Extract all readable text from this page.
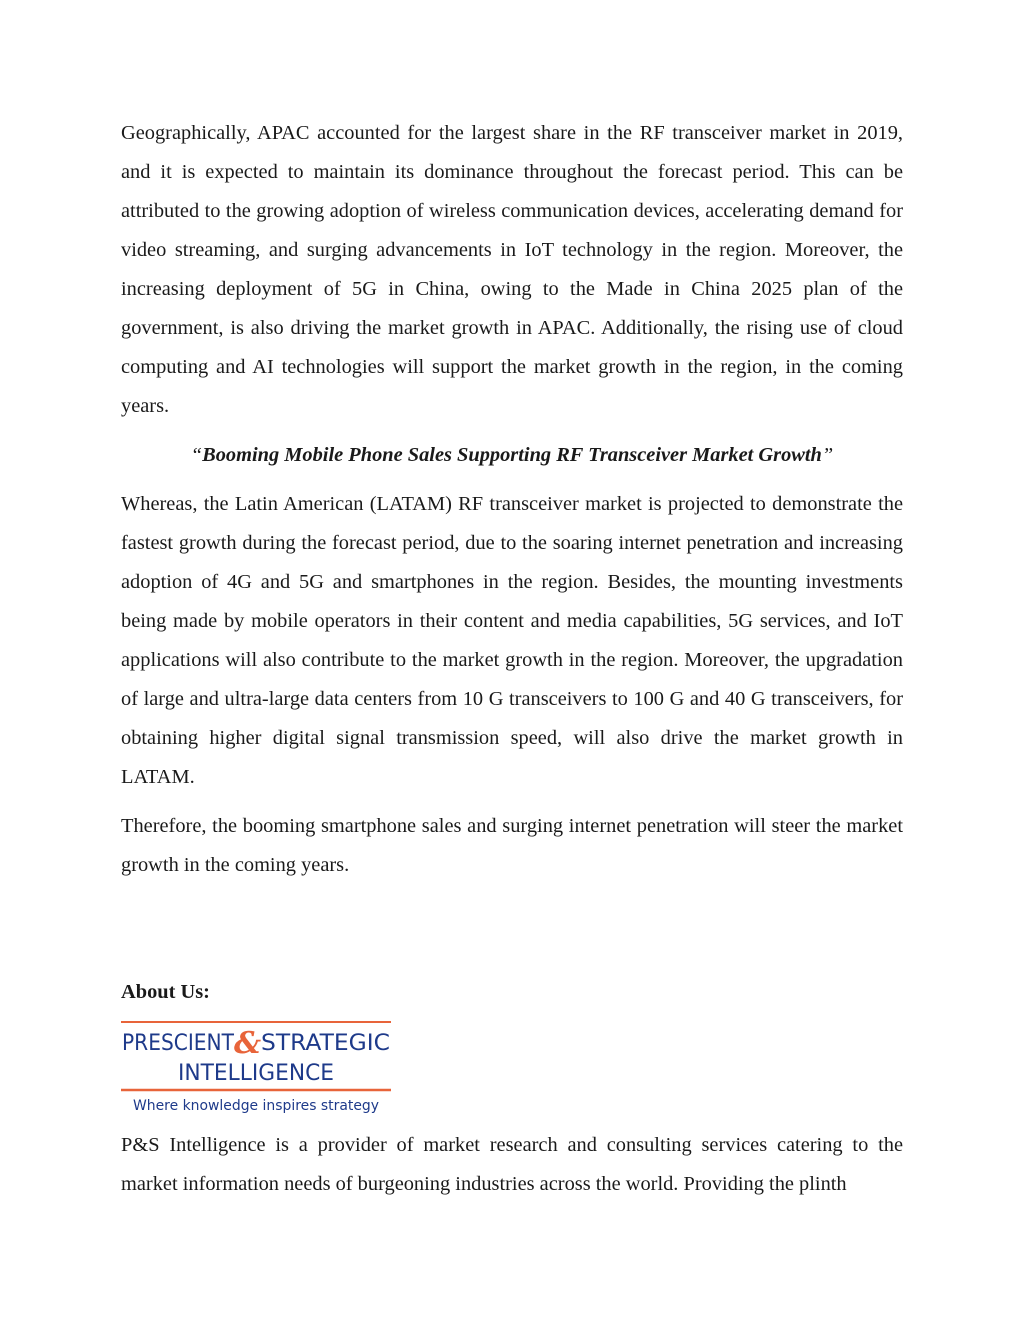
Geographically, APAC accounted for the largest share in the RF transceiver market in 2019, and it is expected to maintain its dominance throughout the forecast period. This can be attributed to the growing adoption of wireless communication devices, accelerating demand for video streaming, and surging advancements in IoT technology in the region. Moreover, the increasing deployment of 5G in China, owing to the Made in China 2025 plan of the government, is also driving the market growth in APAC. Additionally, the rising use of cloud computing and AI technologies will support the market growth in the region, in the coming years.

“Booming Mobile Phone Sales Supporting RF Transceiver Market Growth”

Whereas, the Latin American (LATAM) RF transceiver market is projected to demonstrate the fastest growth during the forecast period, due to the soaring internet penetration and increasing adoption of 4G and 5G and smartphones in the region. Besides, the mounting investments being made by mobile operators in their content and media capabilities, 5G services, and IoT applications will also contribute to the market growth in the region. Moreover, the upgradation of large and ultra-large data centers from 10 G transceivers to 100 G and 40 G transceivers, for obtaining higher digital signal transmission speed, will also drive the market growth in LATAM.

Therefore, the booming smartphone sales and surging internet penetration will steer the market growth in the coming years.

About Us:

PRESCIENT & STRATEGIC
INTELLIGENCE
Where knowledge inspires strategy

P&S Intelligence is a provider of market research and consulting services catering to the market information needs of burgeoning industries across the world. Providing the plinth
